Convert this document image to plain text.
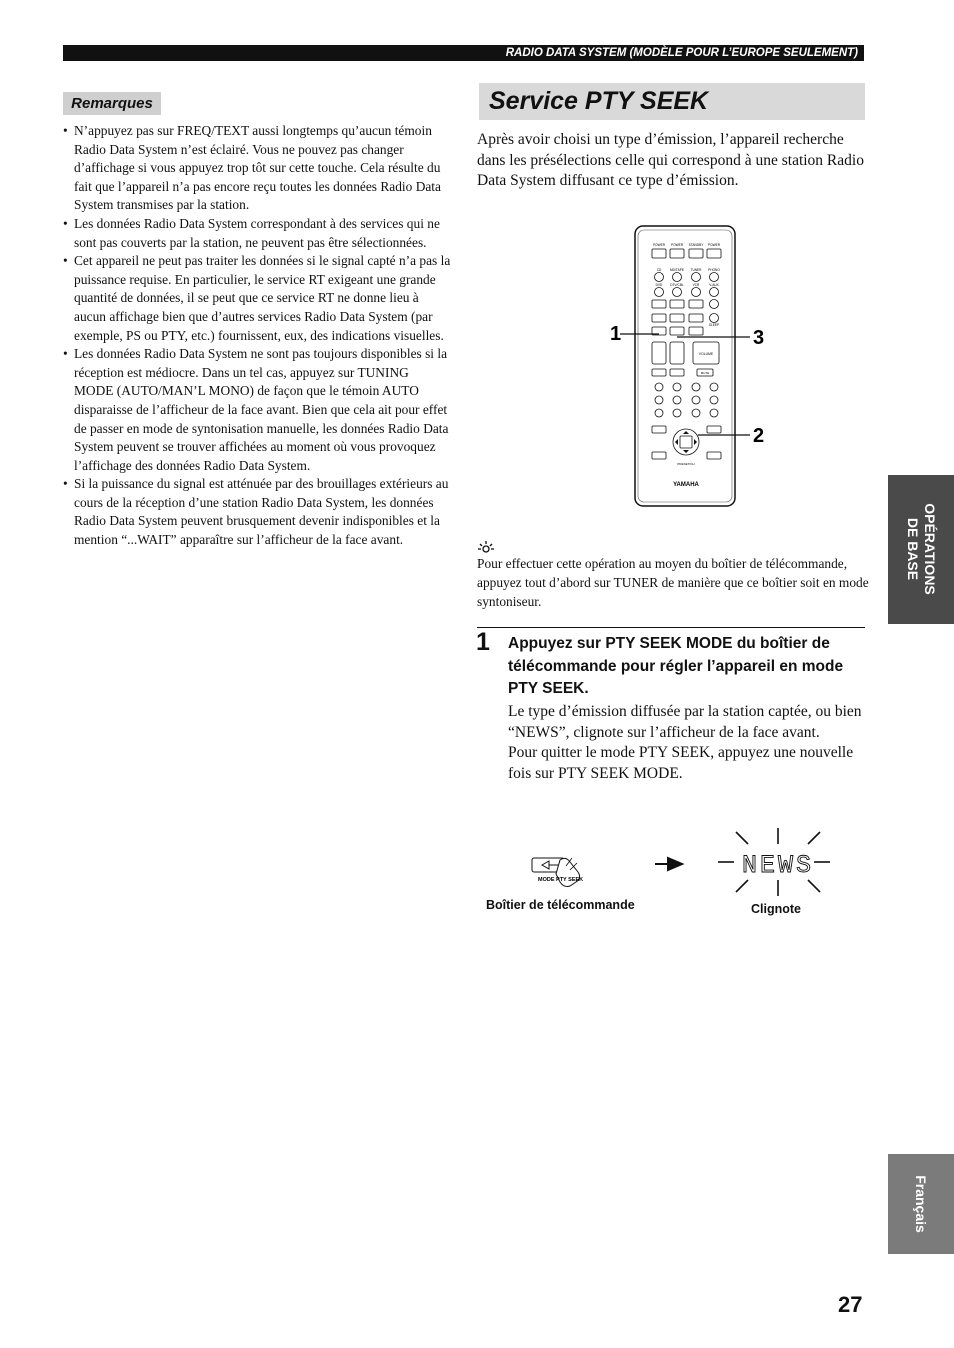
RADIO DATA SYSTEM (MODÈLE POUR L’EUROPE SEULEMENT)
Remarques
• N’appuyez pas sur FREQ/TEXT aussi longtemps qu’aucun témoin Radio Data System n’est éclairé. Vous ne pouvez pas changer d’affichage si vous appuyez trop tôt sur cette touche. Cela résulte du fait que l’appareil n’a pas encore reçu toutes les données Radio Data System transmises par la station.
• Les données Radio Data System correspondant à des services qui ne sont pas couverts par la station, ne peuvent pas être sélectionnées.
• Cet appareil ne peut pas traiter les données si le signal capté n’a pas la puissance requise. En particulier, le service RT exigeant une grande quantité de données, il se peut que ce service RT ne donne lieu à aucun affichage bien que d’autres services Radio Data System (par exemple, PS ou PTY, etc.) fournissent, eux, des indications visuelles.
• Les données Radio Data System ne sont pas toujours disponibles si la réception est médiocre. Dans un tel cas, appuyez sur TUNING MODE (AUTO/MAN’L MONO) de façon que le témoin AUTO disparaisse de l’afficheur de la face avant. Bien que cela ait pour effet de passer en mode de syntonisation manuelle, les données Radio Data System peuvent se trouver affichées au moment où vous provoquez l’affichage des données Radio Data System.
• Si la puissance du signal est atténuée par des brouillages extérieurs au cours de la réception d’une station Radio Data System, les données Radio Data System peuvent brusquement devenir indisponibles et la mention “...WAIT” apparaître sur l’afficheur de la face avant.
Service PTY SEEK

Après avoir choisi un type d’émission, l’appareil recherche dans les présélections celle qui correspond à une station Radio Data System diffusant ce type d’émission.

POWER POWER STANDBY POWER
CD	MD/TAPE TUNER PHONO
DVD DTV/CBL	VCR	V-AUX
SLEEP
VOLUME
MUTE
PRESET/CH
YAMAHA
1	3
2

Pour effectuer cette opération au moyen du boîtier de télécommande, appuyez tout d’abord sur TUNER de manière que ce boîtier soit en mode syntoniseur.

1 Appuyez sur PTY SEEK MODE du boîtier de télécommande pour régler l’appareil en mode PTY SEEK.

Le type d’émission diffusée par la station captée, ou bien “NEWS”, clignote sur l’afficheur de la face avant.

Pour quitter le mode PTY SEEK, appuyez une nouvelle fois sur PTY SEEK MODE.

MODE PTY SEEK	NEWS
Boîtier de télécommande	Clignote
OPÉRATIONS
DE BASE
Français
27
